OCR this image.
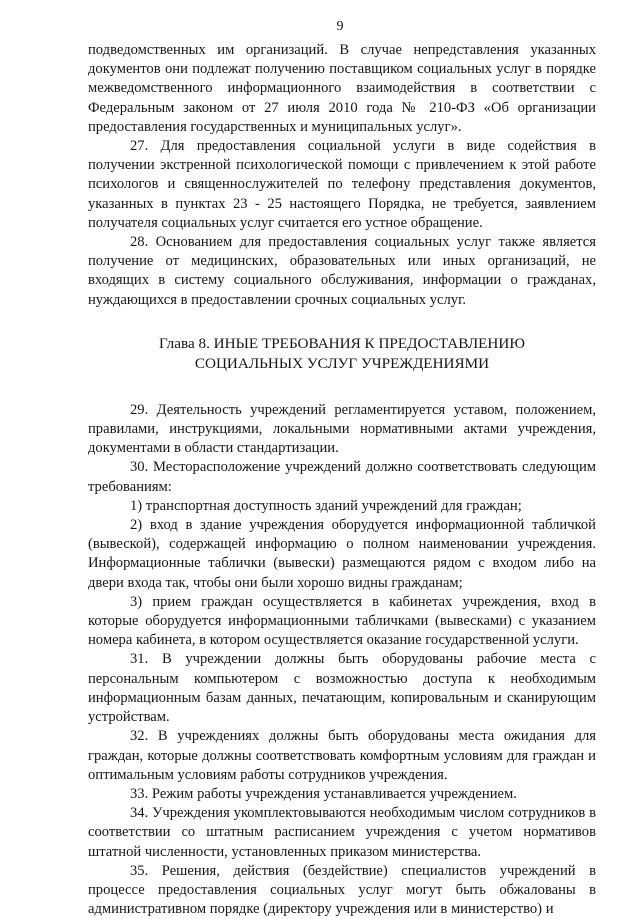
9

подведомственных им организаций. В случае непредставления указанных документов они подлежат получению поставщиком социальных услуг в порядке межведомственного информационного взаимодействия в соответствии с Федеральным законом от 27 июля 2010 года № 210-ФЗ «Об организации предоставления государственных и муниципальных услуг».

27. Для предоставления социальной услуги в виде содействия в получении экстренной психологической помощи с привлечением к этой работе психологов и священнослужителей по телефону представления документов, указанных в пунктах 23 - 25 настоящего Порядка, не требуется, заявлением получателя социальных услуг считается его устное обращение.

28. Основанием для предоставления социальных услуг также является получение от медицинских, образовательных или иных организаций, не входящих в систему социального обслуживания, информации о гражданах, нуждающихся в предоставлении срочных социальных услуг.

Глава 8. ИНЫЕ ТРЕБОВАНИЯ К ПРЕДОСТАВЛЕНИЮ
СОЦИАЛЬНЫХ УСЛУГ УЧРЕЖДЕНИЯМИ

29. Деятельность учреждений регламентируется уставом, положением, правилами, инструкциями, локальными нормативными актами учреждения, документами в области стандартизации.

30. Месторасположение учреждений должно соответствовать следующим требованиям:

1) транспортная доступность зданий учреждений для граждан;

2) вход в здание учреждения оборудуется информационной табличкой (вывеской), содержащей информацию о полном наименовании учреждения. Информационные таблички (вывески) размещаются рядом с входом либо на двери входа так, чтобы они были хорошо видны гражданам;

3) прием граждан осуществляется в кабинетах учреждения, вход в которые оборудуется информационными табличками (вывесками) с указанием номера кабинета, в котором осуществляется оказание государственной услуги.

31. В учреждении должны быть оборудованы рабочие места с персональным компьютером с возможностью доступа к необходимым информационным базам данных, печатающим, копировальным и сканирующим устройствам.

32. В учреждениях должны быть оборудованы места ожидания для граждан, которые должны соответствовать комфортным условиям для граждан и оптимальным условиям работы сотрудников учреждения.

33. Режим работы учреждения устанавливается учреждением.

34. Учреждения укомплектовываются необходимым числом сотрудников в соответствии со штатным расписанием учреждения с учетом нормативов штатной численности, установленных приказом министерства.

35. Решения, действия (бездействие) специалистов учреждений в процессе предоставления социальных услуг могут быть обжалованы в административном порядке (директору учреждения или в министерство) и
